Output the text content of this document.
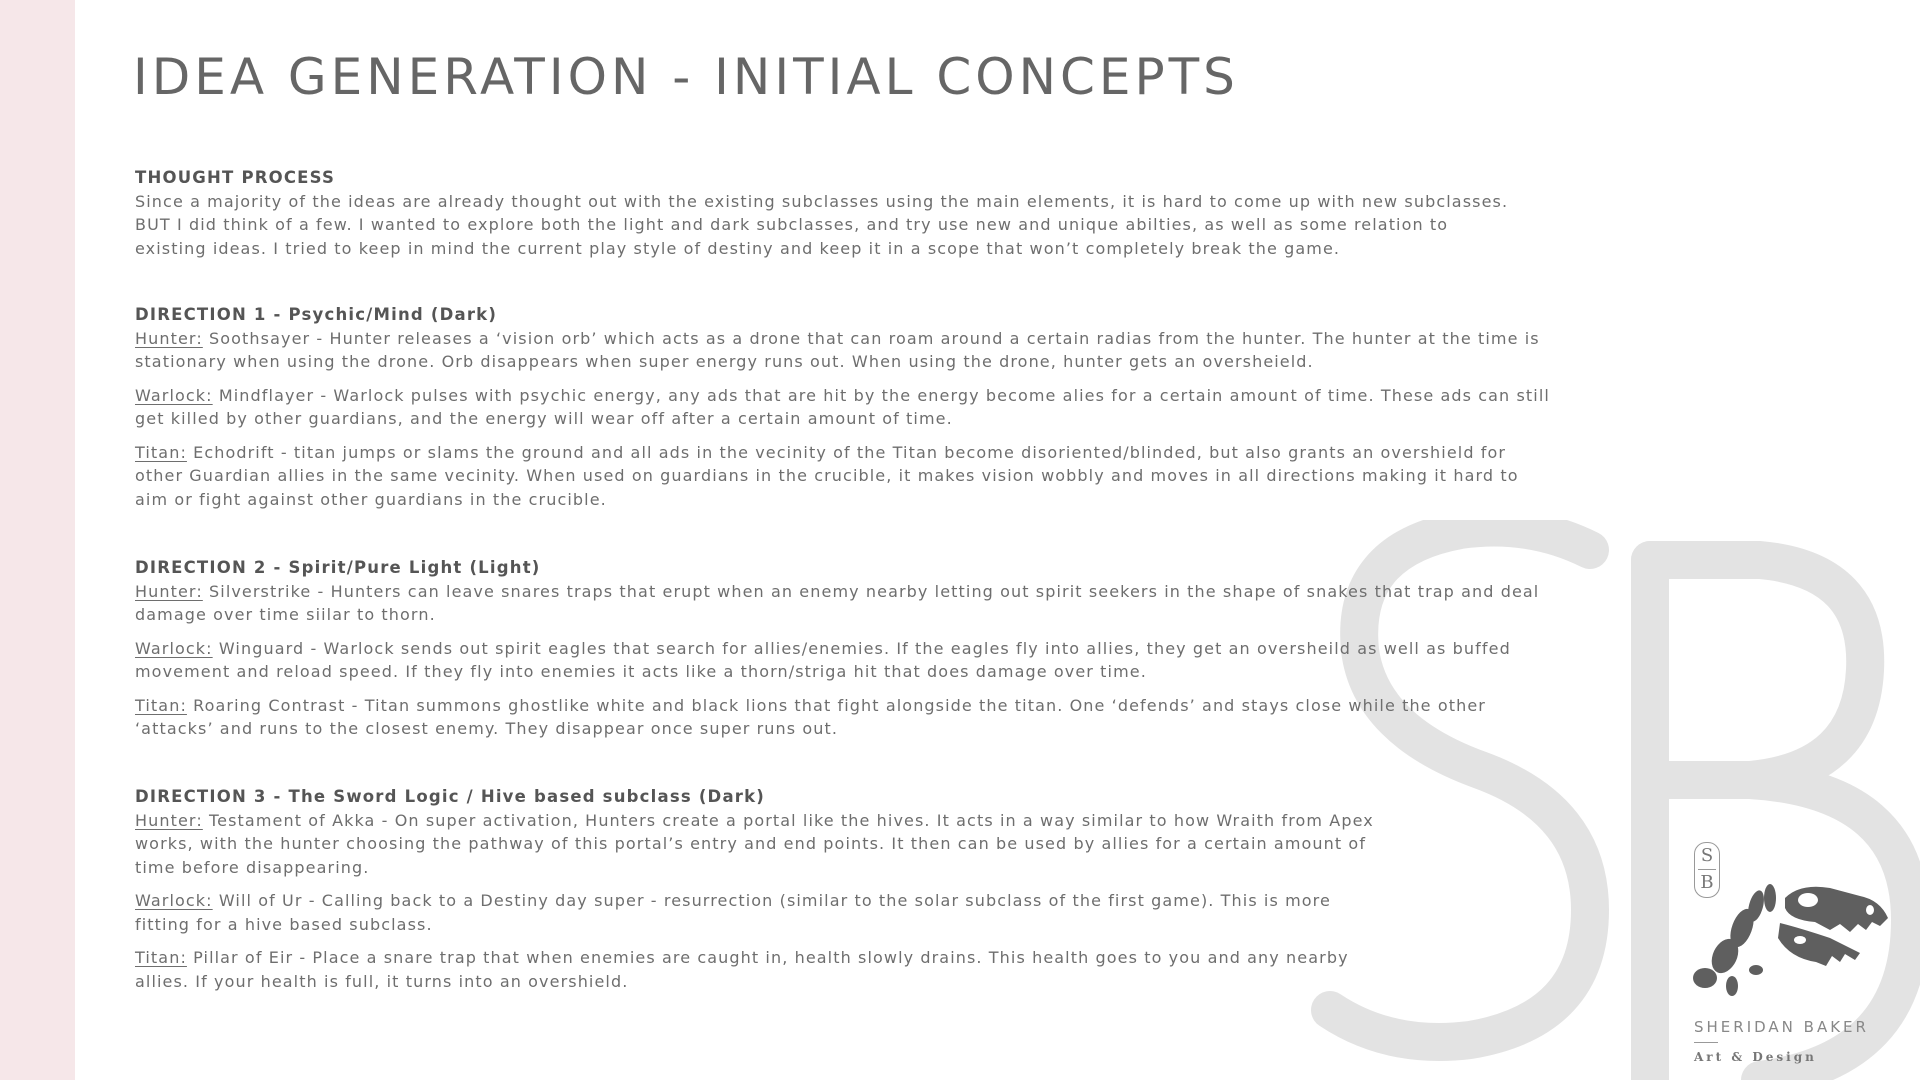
IDEA GENERATION - INITIAL CONCEPTS
THOUGHT PROCESS
Since a majority of the ideas are already thought out with the existing subclasses using the main elements, it is hard to come up with new subclasses.
BUT I did think of a few. I wanted to explore both the light and dark subclasses, and try use new and unique abilties, as well as some relation to
existing ideas. I tried to keep in mind the current play style of destiny and keep it in a scope that won’t completely break the game.
DIRECTION 1 - Psychic/Mind (Dark)
Hunter: Soothsayer - Hunter releases a ‘vision orb’ which acts as a drone that can roam around a certain radias from the hunter. The hunter at the time is
stationary when using the drone. Orb disappears when super energy runs out. When using the drone, hunter gets an oversheield.
Warlock: Mindflayer - Warlock pulses with psychic energy, any ads that are hit by the energy become alies for a certain amount of time. These ads can still
get killed by other guardians, and the energy will wear off after a certain amount of time.
Titan: Echodrift - titan jumps or slams the ground and all ads in the vecinity of the Titan become disoriented/blinded, but also grants an overshield for
other Guardian allies in the same vecinity. When used on guardians in the crucible, it makes vision wobbly and moves in all directions making it hard to
aim or fight against other guardians in the crucible.
DIRECTION 2 - Spirit/Pure Light (Light)
Hunter: Silverstrike - Hunters can leave snares traps that erupt when an enemy nearby letting out spirit seekers in the shape of snakes that trap and deal
damage over time siilar to thorn.
Warlock: Winguard - Warlock sends out spirit eagles that search for allies/enemies. If the eagles fly into allies, they get an oversheild as well as buffed
movement and reload speed. If they fly into enemies it acts like a thorn/striga hit that does damage over time.
Titan: Roaring Contrast - Titan summons ghostlike white and black lions that fight alongside the titan. One ‘defends’ and stays close while the other
‘attacks’ and runs to the closest enemy. They disappear once super runs out.
DIRECTION 3 - The Sword Logic / Hive based subclass (Dark)
Hunter: Testament of Akka - On super activation, Hunters create a portal like the hives. It acts in a way similar to how Wraith from Apex
works, with the hunter choosing the pathway of this portal’s entry and end points. It then can be used by allies for a certain amount of
time before disappearing.
Warlock: Will of Ur - Calling back to a Destiny day super - resurrection (similar to the solar subclass of the first game). This is more
fitting for a hive based subclass.
Titan: Pillar of Eir - Place a snare trap that when enemies are caught in, health slowly drains. This health goes to you and any nearby
allies. If your health is full, it turns into an overshield.
S
B
SHERIDAN BAKER
Art & Design
